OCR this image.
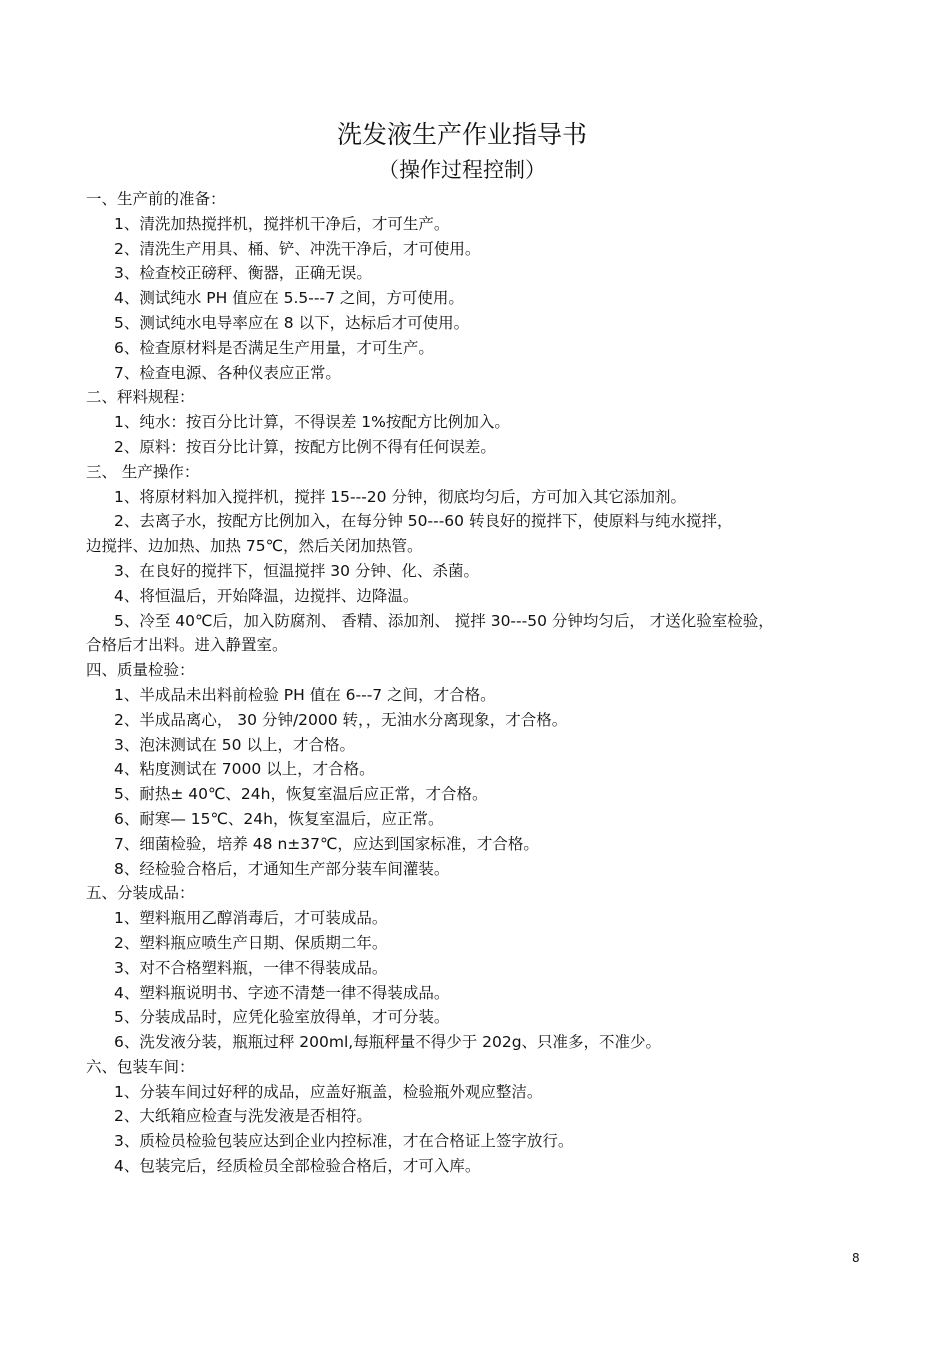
洗发液生产作业指导书
（操作过程控制）

一、生产前的准备：

1、清洗加热搅拌机，搅拌机干净后，才可生产。

2、清洗生产用具、桶、铲、冲洗干净后，才可使用。

3、检查校正磅秤、衡器，正确无误。

4、测试纯水 PH 值应在 5.5---7 之间，方可使用。

5、测试纯水电导率应在 8 以下，达标后才可使用。

6、检查原材料是否满足生产用量，才可生产。

7、检查电源、各种仪表应正常。

二、秤料规程：

1、纯水：按百分比计算，不得误差 1%按配方比例加入。

2、原料：按百分比计算，按配方比例不得有任何误差。

三、 生产操作：

1、将原材料加入搅拌机，搅拌 15---20 分钟，彻底均匀后，方可加入其它添加剂。

2、去离子水，按配方比例加入，在每分钟 50---60 转良好的搅拌下，使原料与纯水搅拌，

边搅拌、边加热、加热 75℃，然后关闭加热管。

3、在良好的搅拌下，恒温搅拌 30 分钟、化、杀菌。

4、将恒温后，开始降温，边搅拌、边降温。

5、冷至 40℃后，加入防腐剂、 香精、添加剂、 搅拌 30---50 分钟均匀后， 才送化验室检验，

合格后才出料。进入静置室。

四、质量检验：

1、半成品未出料前检验 PH 值在 6---7 之间，才合格。

2、半成品离心， 30 分钟/2000 转，，无油水分离现象，才合格。

3、泡沫测试在 50 以上，才合格。

4、粘度测试在 7000 以上，才合格。

5、耐热± 40℃、24h，恢复室温后应正常，才合格。

6、耐寒— 15℃、24h，恢复室温后，应正常。

7、细菌检验，培养 48 n±37℃，应达到国家标准，才合格。

8、经检验合格后，才通知生产部分装车间灌装。

五、分装成品：

1、塑料瓶用乙醇消毒后，才可装成品。

2、塑料瓶应喷生产日期、保质期二年。

3、对不合格塑料瓶，一律不得装成品。

4、塑料瓶说明书、字迹不清楚一律不得装成品。

5、分装成品时，应凭化验室放得单，才可分装。

6、洗发液分装，瓶瓶过秤 200ml,每瓶秤量不得少于 202g、只准多，不准少。

六、包装车间：

1、分装车间过好秤的成品，应盖好瓶盖，检验瓶外观应整洁。

2、大纸箱应检查与洗发液是否相符。

3、质检员检验包装应达到企业内控标准，才在合格证上签字放行。

4、包装完后，经质检员全部检验合格后，才可入库。

8
